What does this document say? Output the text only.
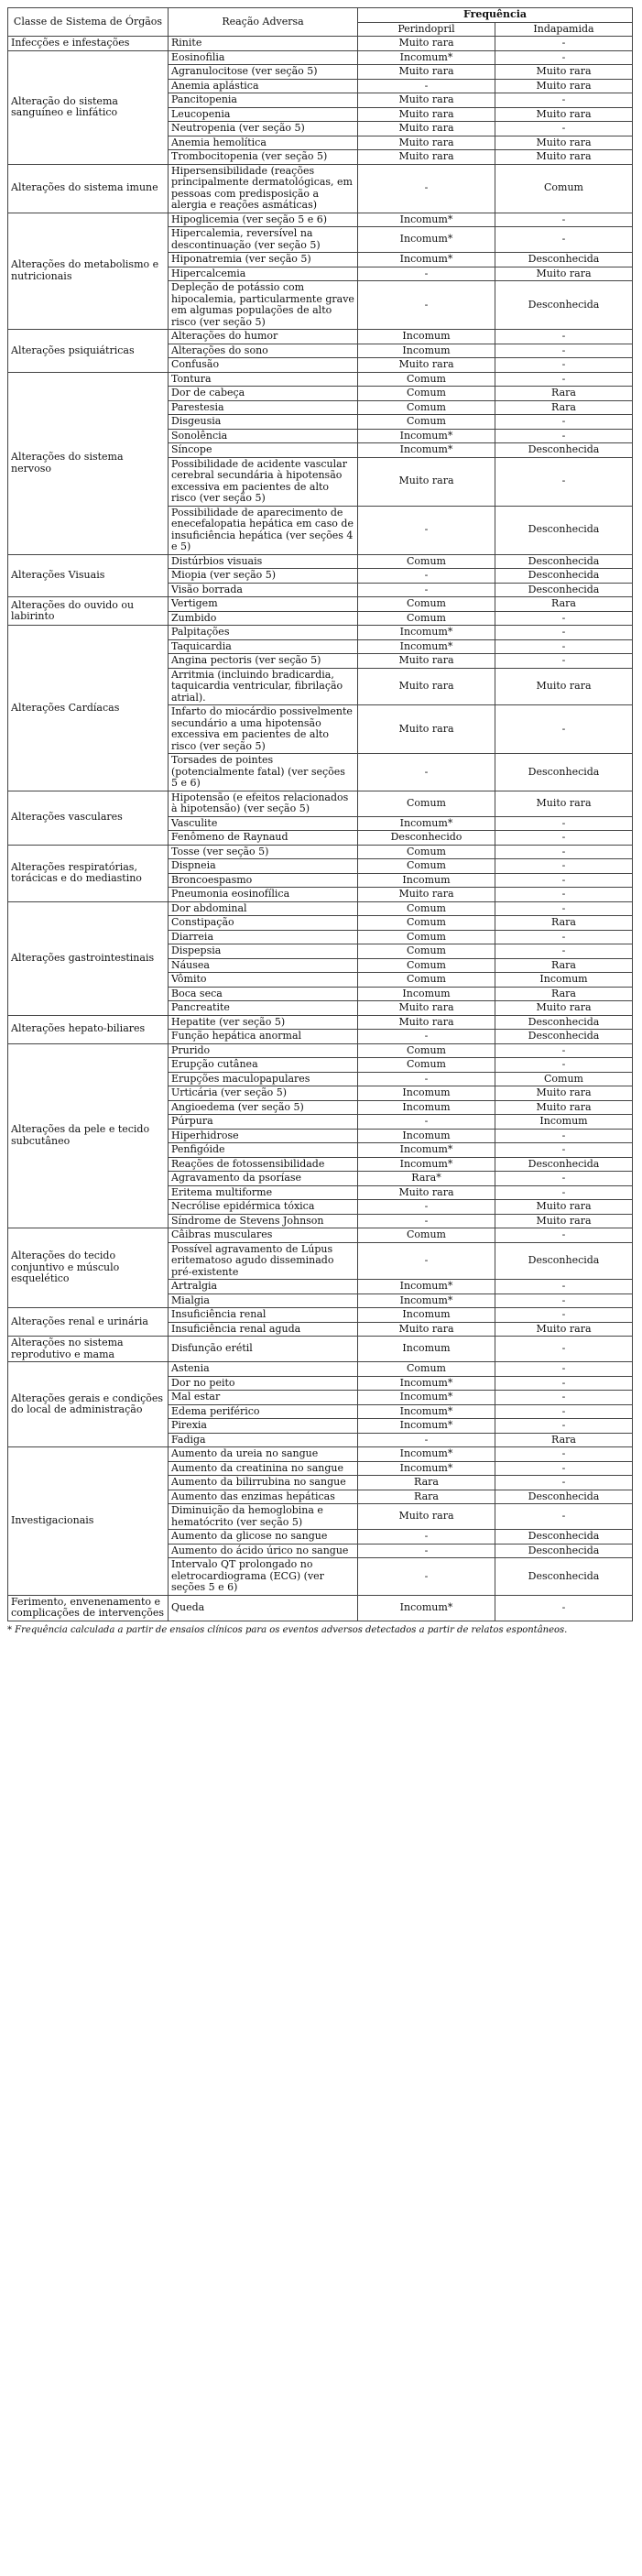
Classe de Sistema de Órgãos	Reação Adversa	Frequência	
		Perindopril	Indapamida
Infecções e infestações	Rinite	Muito rara	-
Alteração do sistema sanguíneo e linfático	Eosinofilia	Incomum*	-
	Agranulocitose (ver seção 5)	Muito rara	Muito rara
	Anemia aplástica	-	Muito rara
	Pancitopenia	Muito rara	-
	Leucopenia	Muito rara	Muito rara
	Neutropenia (ver seção 5)	Muito rara	-
	Anemia hemolítica	Muito rara	Muito rara
	Trombocitopenia (ver seção 5)	Muito rara	Muito rara
Alterações do sistema imune	Hipersensibilidade (reações principalmente dermatológicas, em pessoas com predisposição a alergia e reações asmáticas)	-	Comum
Alterações do metabolismo e nutricionais	Hipoglicemia (ver seção 5 e 6)	Incomum*	-
	Hipercalemia, reversível na descontinuação (ver seção 5)	Incomum*	-
	Hiponatremia (ver seção 5)	Incomum*	Desconhecida
	Hipercalcemia	-	Muito rara
	Depleção de potássio com hipocalemia, particularmente grave em algumas populações de alto risco (ver seção 5)	-	Desconhecida
Alterações psiquiátricas	Alterações do humor	Incomum	-
	Alterações do sono	Incomum	-
	Confusão	Muito rara	-
Alterações do sistema nervoso	Tontura	Comum	-
	Dor de cabeça	Comum	Rara
	Parestesia	Comum	Rara
	Disgeusia	Comum	-
	Sonolência	Incomum*	-
	Síncope	Incomum*	Desconhecida
	Possibilidade de acidente vascular cerebral secundária à hipotensão excessiva em pacientes de alto risco (ver seção 5)	Muito rara	-
	Possibilidade de aparecimento de enecefalopatia hepática em caso de insuficiência hepática (ver seções 4 e 5)	-	Desconhecida
Alterações Visuais	Distúrbios visuais	Comum	Desconhecida
	Miopia (ver seção 5)	-	Desconhecida
	Visão borrada	-	Desconhecida
Alterações do ouvido ou labirinto	Vertigem	Comum	Rara
	Zumbido	Comum	-
Alterações Cardíacas	Palpitações	Incomum*	-
	Taquicardia	Incomum*	-
	Angina pectoris (ver seção 5)	Muito rara	-
	Arritmia (incluindo bradicardia, taquicardia ventricular, fibrilação atrial).	Muito rara	Muito rara
	Infarto do miocárdio possivelmente secundário a uma hipotensão excessiva em pacientes de alto risco (ver seção 5)	Muito rara	-
	Torsades de pointes (potencialmente fatal) (ver seções 5 e 6)	-	Desconhecida
Alterações vasculares	Hipotensão (e efeitos relacionados à hipotensão) (ver seção 5)	Comum	Muito rara
	Vasculite	Incomum*	-
	Fenômeno de Raynaud	Desconhecido	-
Alterações respiratórias, torácicas e do mediastino	Tosse (ver seção 5)	Comum	-
	Dispneia	Comum	-
	Broncoespasmo	Incomum	-
	Pneumonia eosinofílica	Muito rara	-
Alterações gastrointestinais	Dor abdominal	Comum	-
	Constipação	Comum	Rara
	Diarreia	Comum	-
	Dispepsia	Comum	-
	Náusea	Comum	Rara
	Vômito	Comum	Incomum
	Boca seca	Incomum	Rara
	Pancreatite	Muito rara	Muito rara
Alterações hepato-biliares	Hepatite (ver seção 5)	Muito rara	Desconhecida
	Função hepática anormal	-	Desconhecida
Alterações da pele e tecido subcutâneo	Prurido	Comum	-
	Erupção cutânea	Comum	-
	Erupções maculopapulares	-	Comum
	Urticária (ver seção 5)	Incomum	Muito rara
	Angioedema (ver seção 5)	Incomum	Muito rara
	Púrpura	-	Incomum
	Hiperhidrose	Incomum	-
	Penfigóide	Incomum*	-
	Reações de fotossensibilidade	Incomum*	Desconhecida
	Agravamento da psoríase	Rara*	-
	Eritema multiforme	Muito rara	-
	Necrólise epidérmica tóxica	-	Muito rara
	Síndrome de Stevens Johnson	-	Muito rara
Alterações do tecido conjuntivo e músculo esquelético	Câibras musculares	Comum	-
	Possível agravamento de Lúpus eritematoso agudo disseminado pré-existente	-	Desconhecida
	Artralgia	Incomum*	-
	Mialgia	Incomum*	-
Alterações renal e urinária	Insuficiência renal	Incomum	-
	Insuficiência renal aguda	Muito rara	Muito rara
Alterações no sistema reprodutivo e mama	Disfunção erétil	Incomum	-
Alterações gerais e condições do local de administração	Astenia	Comum	-
	Dor no peito	Incomum*	-
	Mal estar	Incomum*	-
	Edema periférico	Incomum*	-
	Pirexia	Incomum*	-
	Fadiga	-	Rara
Investigacionais	Aumento da ureia no sangue	Incomum*	-
	Aumento da creatinina no sangue	Incomum*	-
	Aumento da bilirrubina no sangue	Rara	-
	Aumento das enzimas hepáticas	Rara	Desconhecida
	Diminuição da hemoglobina e hematócrito (ver seção 5)	Muito rara	-
	Aumento da glicose no sangue	-	Desconhecida
	Aumento do ácido úrico no sangue	-	Desconhecida
	Intervalo QT prolongado no eletrocardiograma (ECG) (ver seções 5 e 6)	-	Desconhecida
Ferimento, envenenamento e complicações de intervenções	Queda	Incomum*	-
* Frequência calculada a partir de ensaios clínicos para os eventos adversos detectados a partir de relatos espontâneos.
